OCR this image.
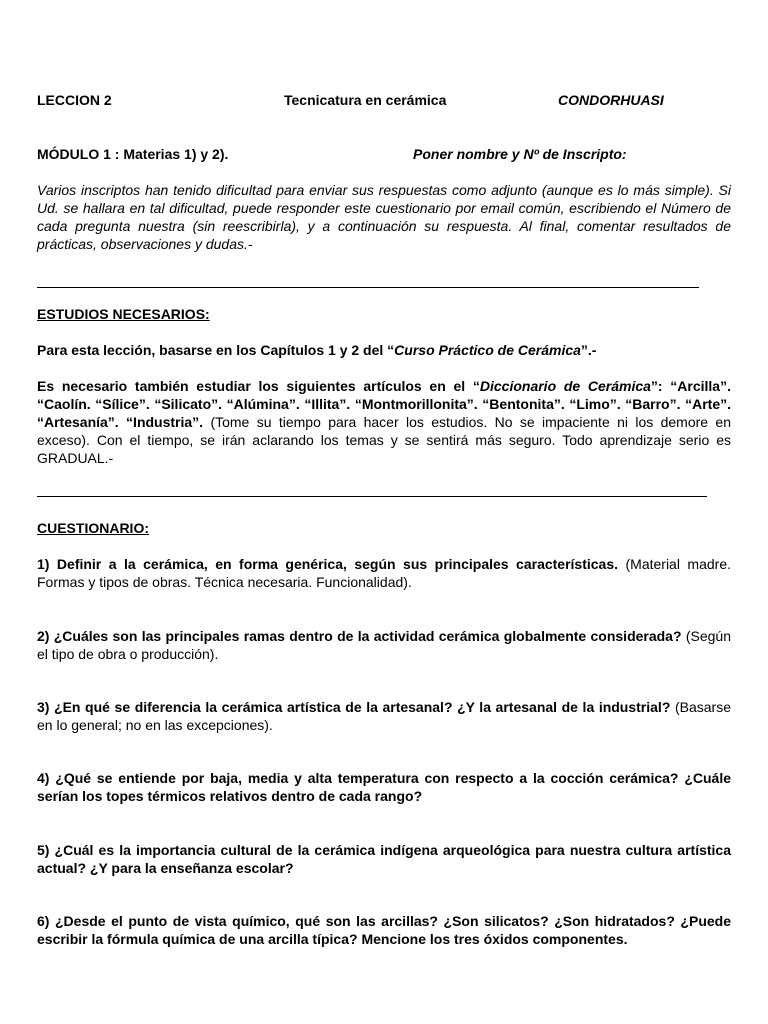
LECCION 2	Tecnicatura en cerámica	CONDORHUASI
MÓDULO 1 : Materias 1) y 2).	Poner nombre y Nº de Inscripto:
Varios inscriptos han tenido dificultad para enviar sus respuestas como adjunto (aunque es lo más simple). Si Ud. se hallara en tal dificultad, puede responder este cuestionario por email común, escribiendo el Número de cada pregunta nuestra (sin reescribirla), y a continuación su respuesta. Al final, comentar resultados de prácticas, observaciones y dudas.-
ESTUDIOS NECESARIOS:
Para esta lección, basarse en los Capítulos 1 y 2 del “Curso Práctico de Cerámica”.-
Es necesario también estudiar los siguientes artículos en el “Diccionario de Cerámica”: “Arcilla”. “Caolín. “Sílice”. “Silicato”. “Alúmina”. “Illita”. “Montmorillonita”. “Bentonita”. “Limo”. “Barro”. “Arte”. “Artesanía”. “Industria”. (Tome su tiempo para hacer los estudios. No se impaciente ni los demore en exceso). Con el tiempo, se irán aclarando los temas y se sentirá más seguro. Todo aprendizaje serio es GRADUAL.-
CUESTIONARIO:
1) Definir a la cerámica, en forma genérica, según sus principales características. (Material madre. Formas y tipos de obras. Técnica necesaria. Funcionalidad).
2) ¿Cuáles son las principales ramas dentro de la actividad cerámica globalmente considerada? (Según el tipo de obra o producción).
3) ¿En qué se diferencia la cerámica artística de la artesanal? ¿Y la artesanal de la industrial? (Basarse en lo general; no en las excepciones).
4) ¿Qué se entiende por baja, media y alta temperatura con respecto a la cocción cerámica? ¿Cuále serían los topes térmicos relativos dentro de cada rango?
5) ¿Cuál es la importancia cultural de la cerámica indígena arqueológica para nuestra cultura artística actual? ¿Y para la enseñanza escolar?
6) ¿Desde el punto de vista químico, qué son las arcillas? ¿Son silicatos? ¿Son hidratados? ¿Puede escribir la fórmula química de una arcilla típica? Mencione los tres óxidos componentes.
